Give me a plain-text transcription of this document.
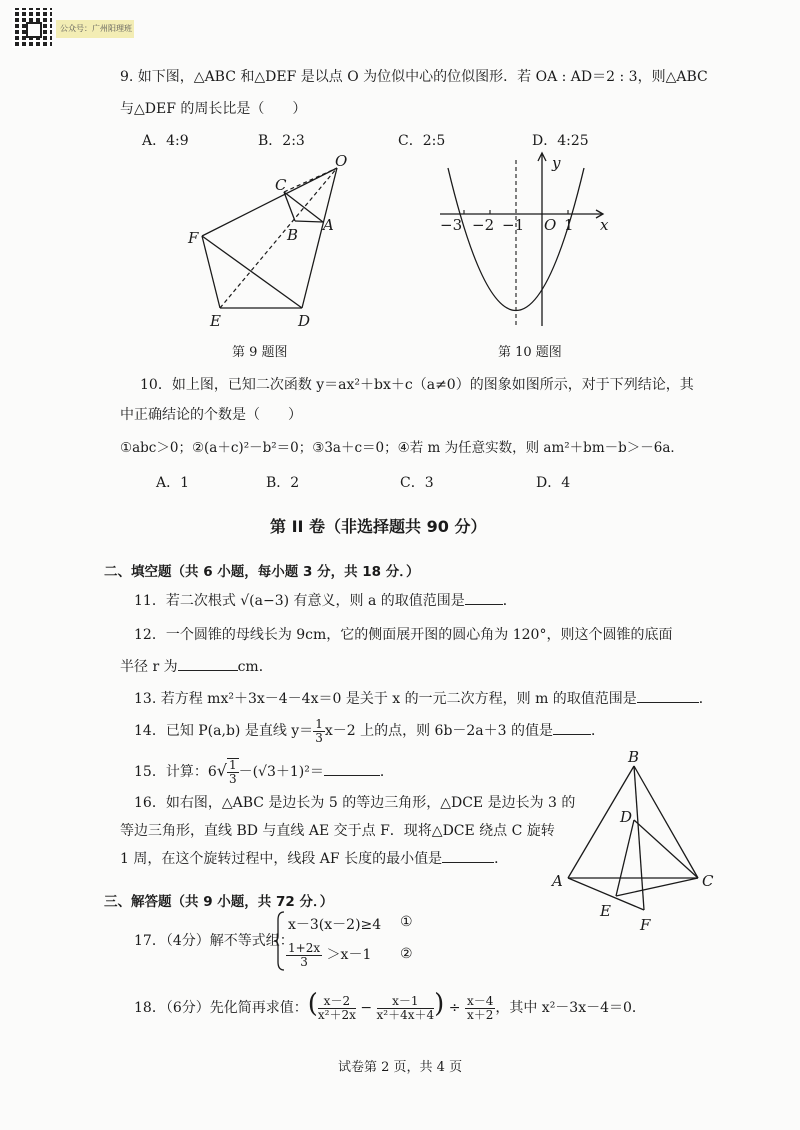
公众号：广州阳理班
9. 如下图，△ABC 和△DEF 是以点 O 为位似中心的位似图形．若 OA : AD＝2 : 3，则△ABC
与△DEF 的周长比是（　　）
A．4:9	B．2:3	C．2:5	D．4:25
O
C
B
A
F
E	D
第 9 题图
y
x
O
−3 −2 −1	1
第 10 题图
10．如上图，已知二次函数 y＝ax²＋bx＋c（a≠0）的图象如图所示，对于下列结论，其
中正确结论的个数是（　　）
①abc＞0；②(a＋c)²－b²＝0；③3a＋c＝0；④若 m 为任意实数，则 am²＋bm－b＞－6a．
A．1	B．2	C．3	D．4
第 II 卷（非选择题共 90 分）
二、填空题（共 6 小题，每小题 3 分，共 18 分．）
11．若二次根式 √(a−3) 有意义，则 a 的取值范围是	．
12．一个圆锥的母线长为 9cm，它的侧面展开图的圆心角为 120°，则这个圆锥的底面
半径 r 为	cm．
13. 若方程 mx²＋3x－4－4x＝0 是关于 x 的一元二次方程，则 m 的取值范围是	．
14．已知 P(a,b) 是直线 $y= \frac{1}{3} x-2$ 上的点，则 6b－2a＋3 的值是	．
15．计算：$6√ \frac{1}{3} -(√3+1)^2=$	．
16．如右图，△ABC 是边长为 5 的等边三角形，△DCE 是边长为 3 的
等边三角形，直线 BD 与直线 AE 交于点 F．现将△DCE 绕点 C 旋转
1 周，在这个旋转过程中，线段 AF 长度的最小值是	．
B
D
A	C
E
F
三、解答题（共 9 小题，共 72 分．）
17．（4分）解不等式组：
x－3(x－2)≥4 ①
$\frac{1+2x}{3} >x-1$ ②
18．（6分）先化简再求值：( $\frac{x-2}{\text{x²＋2x}} - \frac{x-1}{\text{x²＋4x＋4}}$ ) ÷ $\frac{x-4}{x+2}$ ，其中 x²－3x－4＝0．
试卷第 2 页，共 4 页
